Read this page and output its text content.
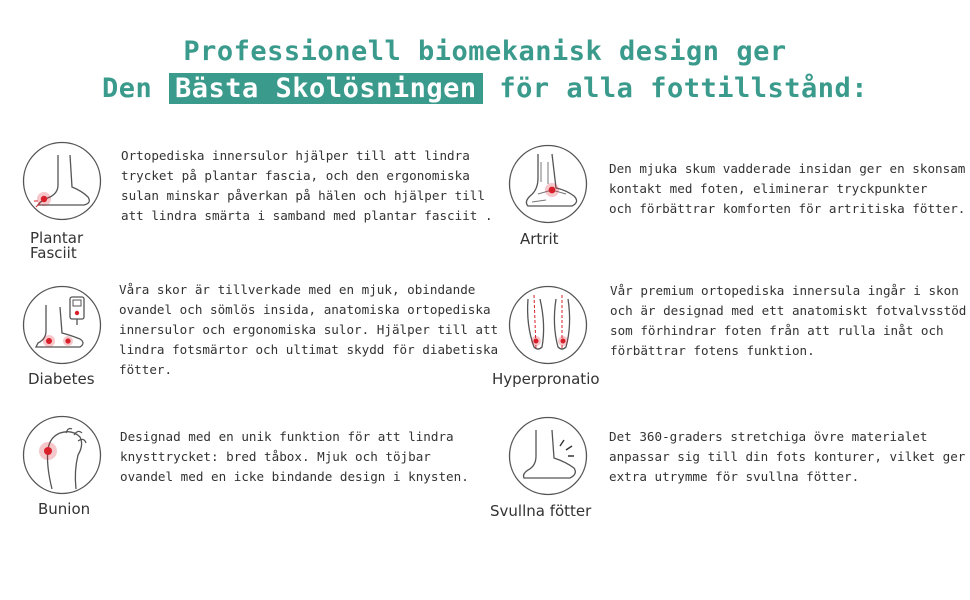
Professionell biomekanisk design ger
Den Bästa Skolösningen för alla fottillstånd:
Plantar
Fasciit
Ortopediska innersulor hjälper till att lindra
trycket på plantar fascia, och den ergonomiska
sulan minskar påverkan på hälen och hjälper till
att lindra smärta i samband med plantar fasciit .
Artrit
Den mjuka skum vadderade insidan ger en skonsam
kontakt med foten, eliminerar tryckpunkter
och förbättrar komforten för artritiska fötter.
Diabetes
Våra skor är tillverkade med en mjuk, obindande
ovandel och sömlös insida, anatomiska ortopediska
innersulor och ergonomiska sulor. Hjälper till att
lindra fotsmärtor och ultimat skydd för diabetiska
fötter.
Hyperpronatio
Vår premium ortopediska innersula ingår i skon
och är designad med ett anatomiskt fotvalvsstöd
som förhindrar foten från att rulla inåt och
förbättrar fotens funktion.
Bunion
Designad med en unik funktion för att lindra
knysttrycket: bred tåbox. Mjuk och töjbar
ovandel med en icke bindande design i knysten.
Svullna fötter
Det 360-graders stretchiga övre materialet
anpassar sig till din fots konturer, vilket ger
extra utrymme för svullna fötter.
